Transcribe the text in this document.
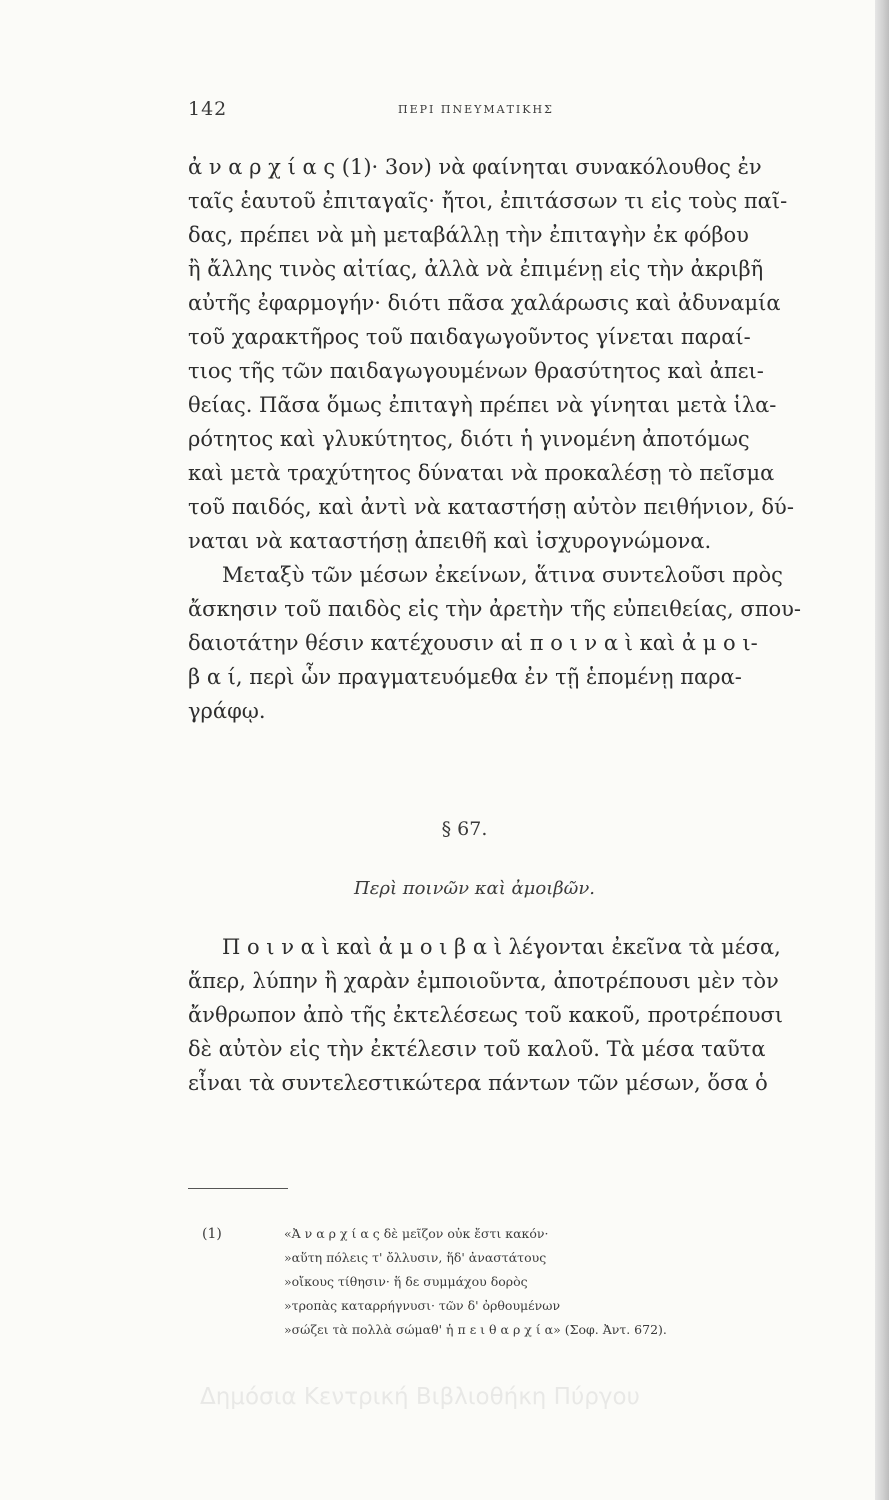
142	ΠΕΡΙ ΠΝΕΥΜΑΤΙΚΗΣ

ἀ ν α ρ χ ί α ς (1)· 3ον) νὰ φαίνηται συνακόλουθος ἐν

ταῖς ἑαυτοῦ ἐπιταγαῖς· ἤτοι, ἐπιτάσσων τι εἰς τοὺς παῖ-

δας, πρέπει νὰ μὴ μεταβάλλῃ τὴν ἐπιταγὴν ἐκ φόβου

ἢ ἄλλης τινὸς αἰτίας, ἀλλὰ νὰ ἐπιμένῃ εἰς τὴν ἀκριβῆ

αὐτῆς ἐφαρμογήν· διότι πᾶσα χαλάρωσις καὶ ἀδυναμία

τοῦ χαρακτῆρος τοῦ παιδαγωγοῦντος γίνεται παραί-

τιος τῆς τῶν παιδαγωγουμένων θρασύτητος καὶ ἀπει-

θείας. Πᾶσα ὅμως ἐπιταγὴ πρέπει νὰ γίνηται μετὰ ἱλα-

ρότητος καὶ γλυκύτητος, διότι ἡ γινομένη ἀποτόμως

καὶ μετὰ τραχύτητος δύναται νὰ προκαλέσῃ τὸ πεῖσμα

τοῦ παιδός, καὶ ἀντὶ νὰ καταστήσῃ αὐτὸν πειθήνιον, δύ-

ναται νὰ καταστήσῃ ἀπειθῆ καὶ ἰσχυρογνώμονα.

Μεταξὺ τῶν μέσων ἐκείνων, ἅτινα συντελοῦσι πρὸς

ἄσκησιν τοῦ παιδὸς εἰς τὴν ἀρετὴν τῆς εὐπειθείας, σπου-

δαιοτάτην θέσιν κατέχουσιν αἱ π ο ι ν α ὶ καὶ ἀ μ ο ι-

β α ί, περὶ ὧν πραγματευόμεθα ἐν τῇ ἑπομένῃ παρα-

γράφῳ.

§ 67.
Περὶ ποινῶν καὶ ἀμοιβῶν.

Π ο ι ν α ὶ καὶ ἀ μ ο ι β α ὶ λέγονται ἐκεῖνα τὰ μέσα,

ἅπερ, λύπην ἢ χαρὰν ἐμποιοῦντα, ἀποτρέπουσι μὲν τὸν

ἄνθρωπον ἀπὸ τῆς ἐκτελέσεως τοῦ κακοῦ, προτρέπουσι

δὲ αὐτὸν εἰς τὴν ἐκτέλεσιν τοῦ καλοῦ. Τὰ μέσα ταῦτα

εἶναι τὰ συντελεστικώτερα πάντων τῶν μέσων, ὅσα ὁ

(1)	«Ἀ ν α ρ χ ί α ς δὲ μεῖζον οὐκ ἔστι κακόν·

»αὕτη πόλεις τ' ὄλλυσιν, ἥδ' ἀναστάτους

»οἴκους τίθησιν· ἥ δε συμμάχου δορὸς

»τροπὰς καταρρήγνυσι· τῶν δ' ὀρθουμένων

»σώζει τὰ πολλὰ σώμαθ' ἡ π ε ι θ α ρ χ ί α» (Σοφ. Ἀντ. 672).

Δημόσια Κεντρική Βιβλιοθήκη Πύργου
